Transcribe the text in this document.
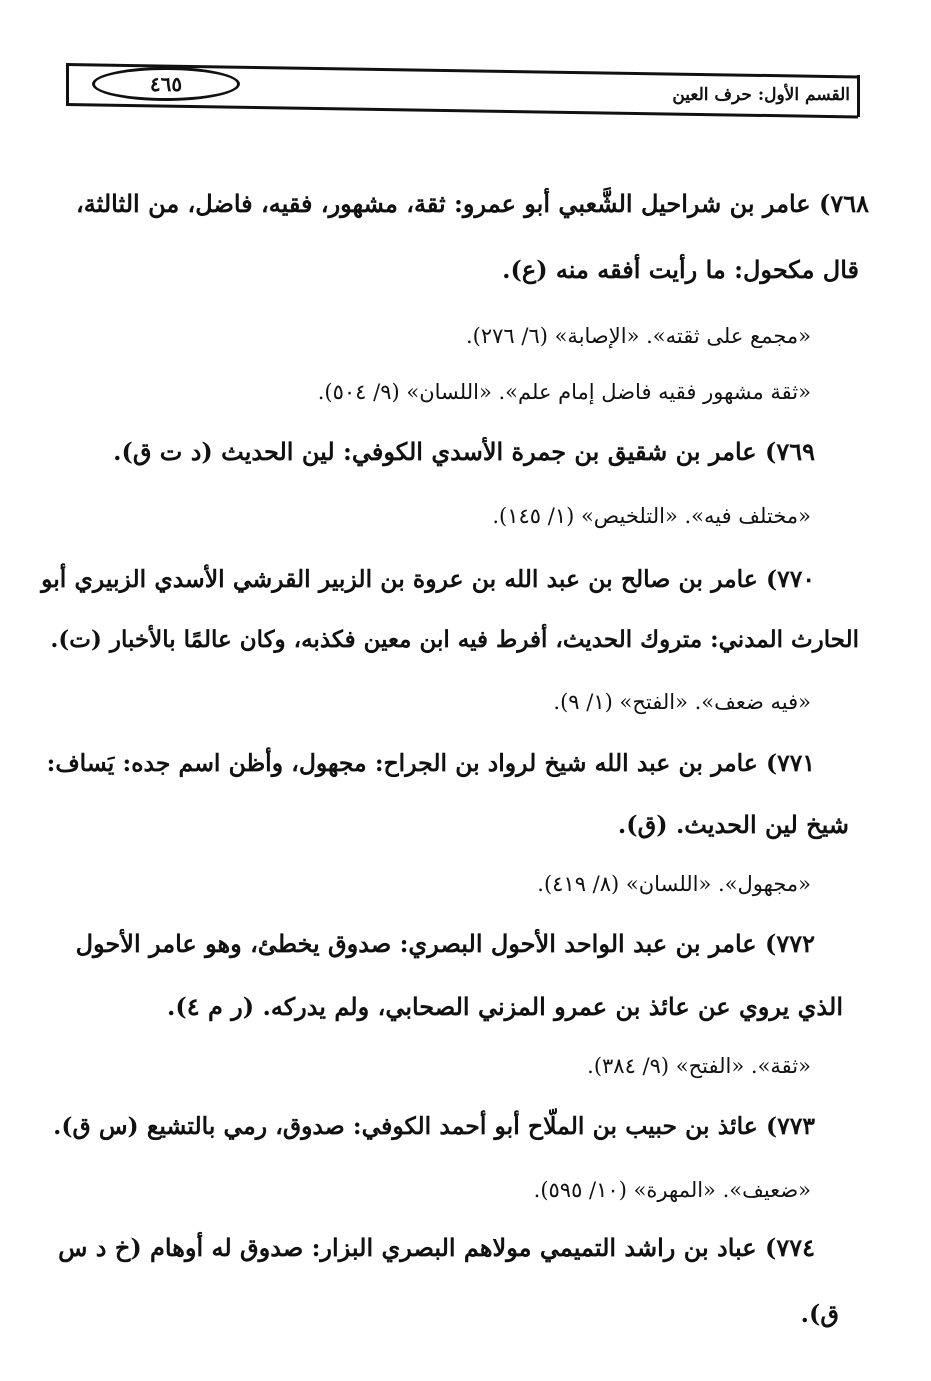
٤٦٥	القسم الأول: حرف العين
٧٦٨) عامر بن شراحيل الشَّعبي أبو عمرو: ثقة، مشهور، فقيه، فاضل، من الثالثة،
قال مكحول: ما رأيت أفقه منه (ع).
«مجمع على ثقته». «الإصابة» (٦/ ٢٧٦).
«ثقة مشهور فقيه فاضل إمام علم». «اللسان» (٩/ ٥٠٤).
٧٦٩) عامر بن شقيق بن جمرة الأسدي الكوفي: لين الحديث (د ت ق).
«مختلف فيه». «التلخيص» (١/ ١٤٥).
٧٧٠) عامر بن صالح بن عبد الله بن عروة بن الزبير القرشي الأسدي الزبيري أبو
الحارث المدني: متروك الحديث، أفرط فيه ابن معين فكذبه، وكان عالمًا بالأخبار (ت).
«فيه ضعف». «الفتح» (١/ ٩).
٧٧١) عامر بن عبد الله شيخ لرواد بن الجراح: مجهول، وأظن اسم جده: يَساف:
شيخ لين الحديث. (ق).
«مجهول». «اللسان» (٨/ ٤١٩).
٧٧٢) عامر بن عبد الواحد الأحول البصري: صدوق يخطئ، وهو عامر الأحول
الذي يروي عن عائذ بن عمرو المزني الصحابي، ولم يدركه. (ر م ٤).
«ثقة». «الفتح» (٩/ ٣٨٤).
٧٧٣) عائذ بن حبيب بن الملّاح أبو أحمد الكوفي: صدوق، رمي بالتشيع (س ق).
«ضعيف». «المهرة» (١٠/ ٥٩٥).
٧٧٤) عباد بن راشد التميمي مولاهم البصري البزار: صدوق له أوهام (خ د س
ق).
